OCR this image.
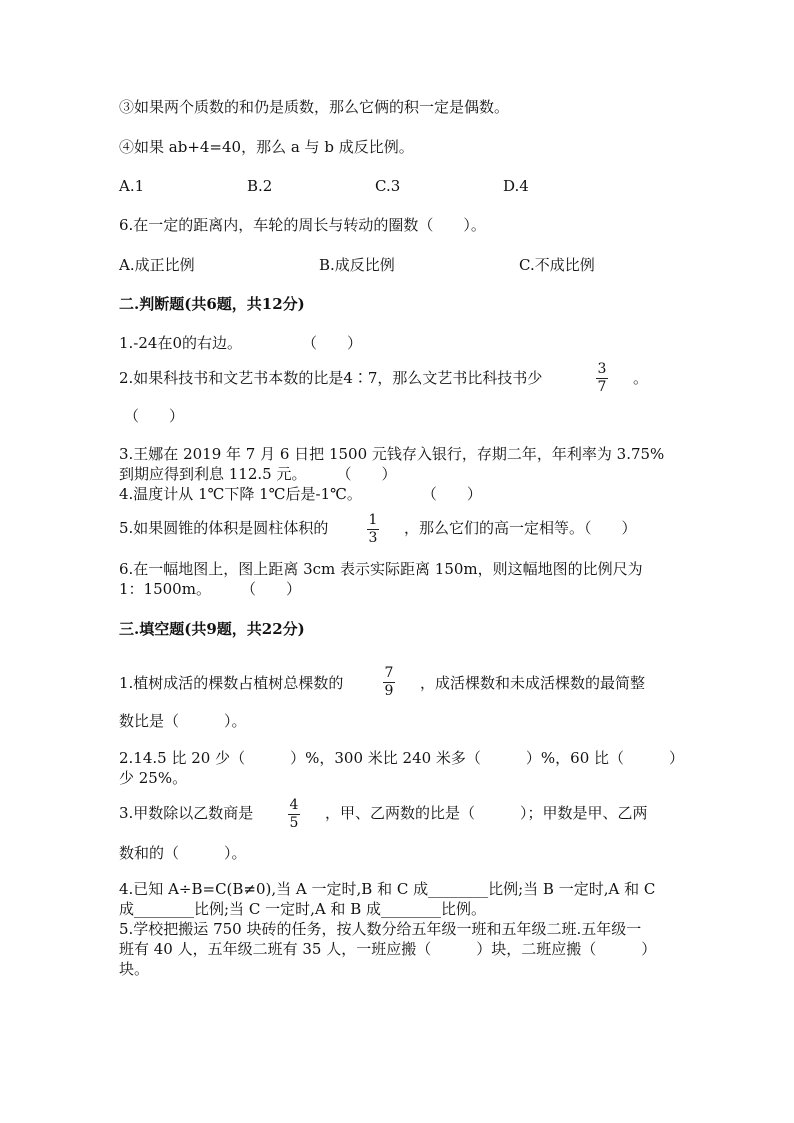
③如果两个质数的和仍是质数，那么它俩的积一定是偶数。
④如果 ab+4=40，那么 a 与 b 成反比例。
A.1	B.2	C.3	D.4
6.在一定的距离内，车轮的周长与转动的圈数（　　）。
A.成正比例	B.成反比例	C.不成比例
二.判断题(共6题，共12分)
1.-24在0的右边。　　　　　（　　）
2.如果科技书和文艺书本数的比是4∶7，那么文艺书比科技书少	3
7 。
（　　）
3.王娜在 2019 年 7 月 6 日把 1500 元钱存入银行，存期二年，年利率为 3.75%
到期应得到利息 112.5 元。　　　（　　）
4.温度计从 1℃下降 1℃后是-1℃。　　　　　（　　）
5.如果圆锥的体积是圆柱体积的	1
3
，那么它们的高一定相等。（　　）
6.在一幅地图上，图上距离 3cm 表示实际距离 150m，则这幅地图的比例尺为
1：1500m。　　　（　　）
三.填空题(共9题，共22分)
1.植树成活的棵数占植树总棵数的
7
9 ，成活棵数和未成活棵数的最简整
数比是（　　　）。
2.14.5 比 20 少（　　　）%，300 米比 240 米多（　　　）%，60 比（　　　）
少 25%。
3.甲数除以乙数商是	4
5
，甲、乙两数的比是（　　　）；甲数是甲、乙两
数和的（　　　）。
4.已知 A÷B=C(B≠0),当 A 一定时,B 和 C 成________比例;当 B 一定时,A 和 C
成________比例;当 C 一定时,A 和 B 成________比例。
5.学校把搬运 750 块砖的任务，按人数分给五年级一班和五年级二班.五年级一
班有 40 人，五年级二班有 35 人，一班应搬（　　　）块，二班应搬（　　　）
块。
